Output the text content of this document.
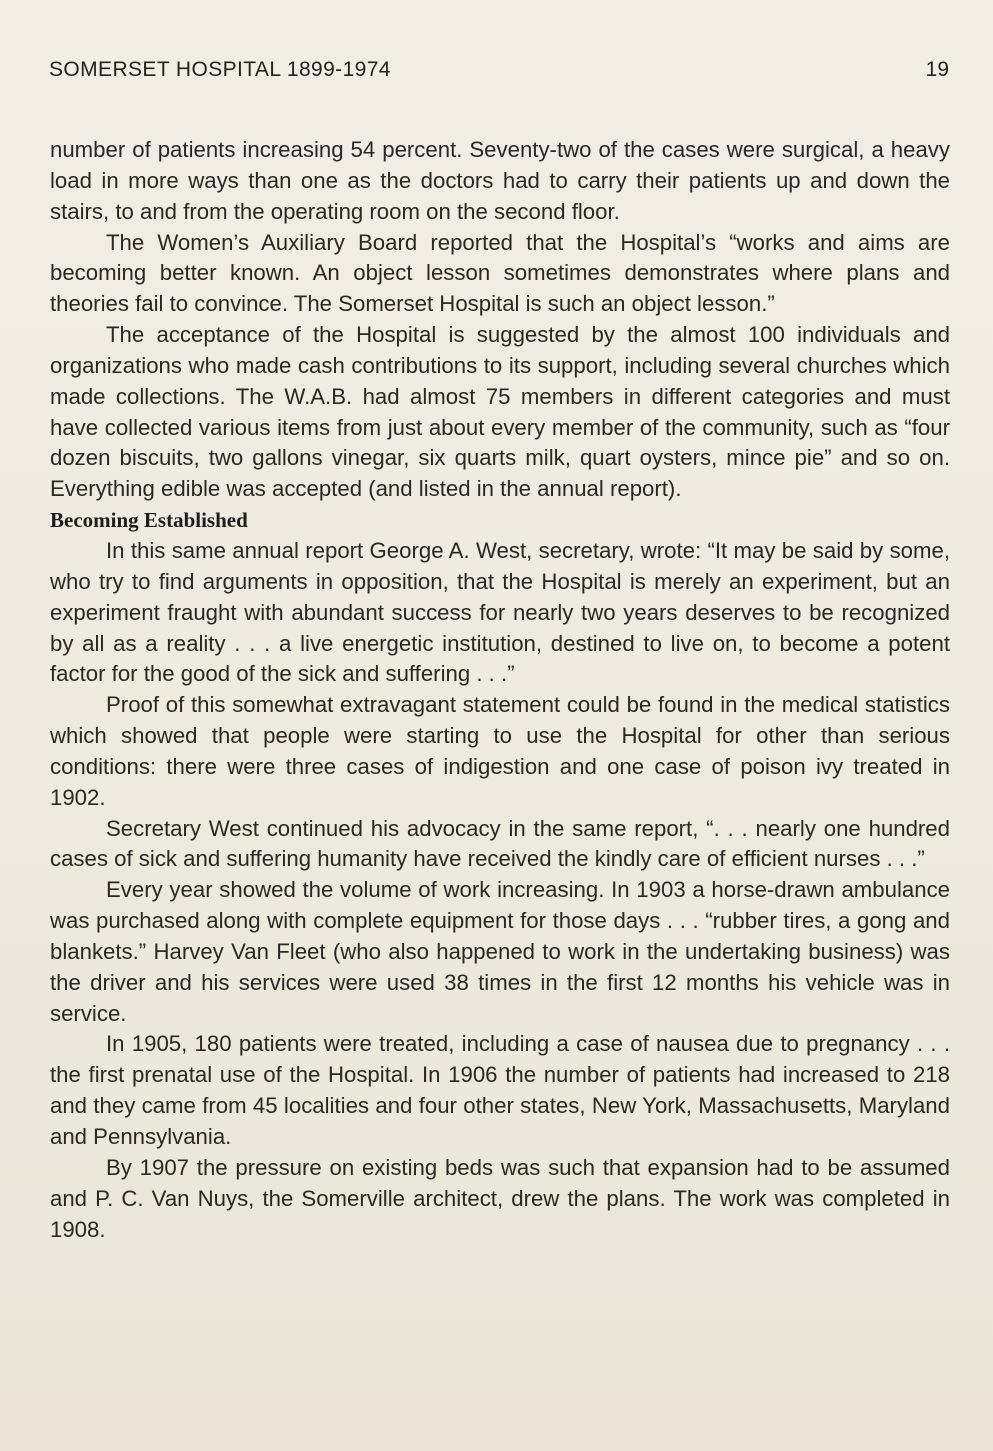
SOMERSET HOSPITAL 1899-1974	19

number of patients increasing 54 percent. Seventy-two of the cases were surgical, a heavy load in more ways than one as the doctors had to carry their patients up and down the stairs, to and from the operating room on the second floor.

The Women’s Auxiliary Board reported that the Hospital’s “works and aims are becoming better known. An object lesson sometimes demonstrates where plans and theories fail to convince. The Somerset Hospital is such an object lesson.”

The acceptance of the Hospital is suggested by the almost 100 individuals and organizations who made cash contributions to its support, including several churches which made collections. The W.A.B. had almost 75 members in different categories and must have collected various items from just about every member of the community, such as “four dozen biscuits, two gallons vinegar, six quarts milk, quart oysters, mince pie” and so on. Everything edible was accepted (and listed in the annual report).

Becoming Established

In this same annual report George A. West, secretary, wrote: “It may be said by some, who try to find arguments in opposition, that the Hospital is merely an experiment, but an experiment fraught with abundant success for nearly two years deserves to be recognized by all as a reality . . . a live energetic institution, destined to live on, to become a potent factor for the good of the sick and suffering . . .”

Proof of this somewhat extravagant statement could be found in the medical statistics which showed that people were starting to use the Hospital for other than serious conditions: there were three cases of indigestion and one case of poison ivy treated in 1902.

Secretary West continued his advocacy in the same report, “. . . nearly one hundred cases of sick and suffering humanity have received the kindly care of efficient nurses . . .”

Every year showed the volume of work increasing. In 1903 a horse-drawn ambulance was purchased along with complete equipment for those days . . . “rubber tires, a gong and blankets.” Harvey Van Fleet (who also happened to work in the undertaking business) was the driver and his services were used 38 times in the first 12 months his vehicle was in service.

In 1905, 180 patients were treated, including a case of nausea due to pregnancy . . . the first prenatal use of the Hospital. In 1906 the number of patients had increased to 218 and they came from 45 localities and four other states, New York, Massachusetts, Maryland and Pennsylvania.

By 1907 the pressure on existing beds was such that expansion had to be assumed and P. C. Van Nuys, the Somerville architect, drew the plans. The work was completed in 1908.
